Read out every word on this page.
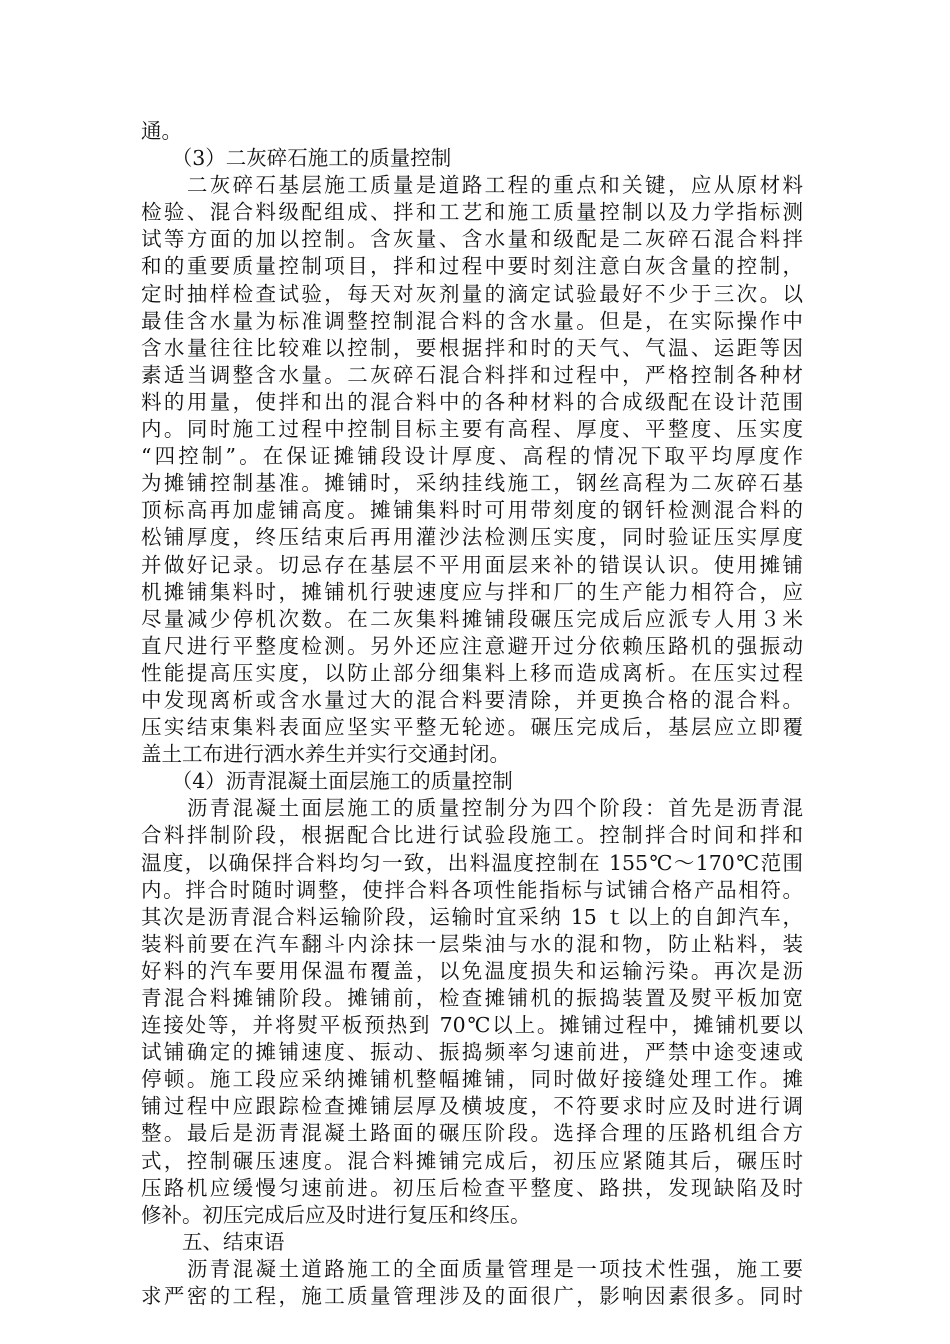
通。
　　（3）二灰碎石施工的质量控制
　　二灰碎石基层施工质量是道路工程的重点和关键，应从原材料
检验、混合料级配组成、拌和工艺和施工质量控制以及力学指标测
试等方面的加以控制。含灰量、含水量和级配是二灰碎石混合料拌
和的重要质量控制项目，拌和过程中要时刻注意白灰含量的控制，
定时抽样检查试验，每天对灰剂量的滴定试验最好不少于三次。以
最佳含水量为标准调整控制混合料的含水量。但是，在实际操作中
含水量往往比较难以控制，要根据拌和时的天气、气温、运距等因
素适当调整含水量。二灰碎石混合料拌和过程中，严格控制各种材
料的用量，使拌和出的混合料中的各种材料的合成级配在设计范围
内。同时施工过程中控制目标主要有高程、厚度、平整度、压实度
“四控制”。在保证摊铺段设计厚度、高程的情况下取平均厚度作
为摊铺控制基准。摊铺时，采纳挂线施工，钢丝高程为二灰碎石基
顶标高再加虚铺高度。摊铺集料时可用带刻度的钢钎检测混合料的
松铺厚度，终压结束后再用灌沙法检测压实度，同时验证压实厚度
并做好记录。切忌存在基层不平用面层来补的错误认识。使用摊铺
机摊铺集料时，摊铺机行驶速度应与拌和厂的生产能力相符合，应
尽量减少停机次数。在二灰集料摊铺段碾压完成后应派专人用３米
直尺进行平整度检测。另外还应注意避开过分依赖压路机的强振动
性能提高压实度，以防止部分细集料上移而造成离析。在压实过程
中发现离析或含水量过大的混合料要清除，并更换合格的混合料。
压实结束集料表面应坚实平整无轮迹。碾压完成后，基层应立即覆
盖土工布进行洒水养生并实行交通封闭。
　　（4）沥青混凝土面层施工的质量控制
　　沥青混凝土面层施工的质量控制分为四个阶段：首先是沥青混
合料拌制阶段，根据配合比进行试验段施工。控制拌合时间和拌和
温度，以确保拌合料均匀一致，出料温度控制在 155℃～170℃范围
内。拌合时随时调整，使拌合料各项性能指标与试铺合格产品相符。
其次是沥青混合料运输阶段，运输时宜采纳 15 ｔ以上的自卸汽车，
装料前要在汽车翻斗内涂抹一层柴油与水的混和物，防止粘料，装
好料的汽车要用保温布覆盖，以免温度损失和运输污染。再次是沥
青混合料摊铺阶段。摊铺前，检查摊铺机的振捣装置及熨平板加宽
连接处等，并将熨平板预热到 70℃以上。摊铺过程中，摊铺机要以
试铺确定的摊铺速度、振动、振捣频率匀速前进，严禁中途变速或
停顿。施工段应采纳摊铺机整幅摊铺，同时做好接缝处理工作。摊
铺过程中应跟踪检查摊铺层厚及横坡度，不符要求时应及时进行调
整。最后是沥青混凝土路面的碾压阶段。选择合理的压路机组合方
式，控制碾压速度。混合料摊铺完成后，初压应紧随其后，碾压时
压路机应缓慢匀速前进。初压后检查平整度、路拱，发现缺陷及时
修补。初压完成后应及时进行复压和终压。
　　五、结束语
　　沥青混凝土道路施工的全面质量管理是一项技术性强，施工要
求严密的工程，施工质量管理涉及的面很广，影响因素很多。同时
